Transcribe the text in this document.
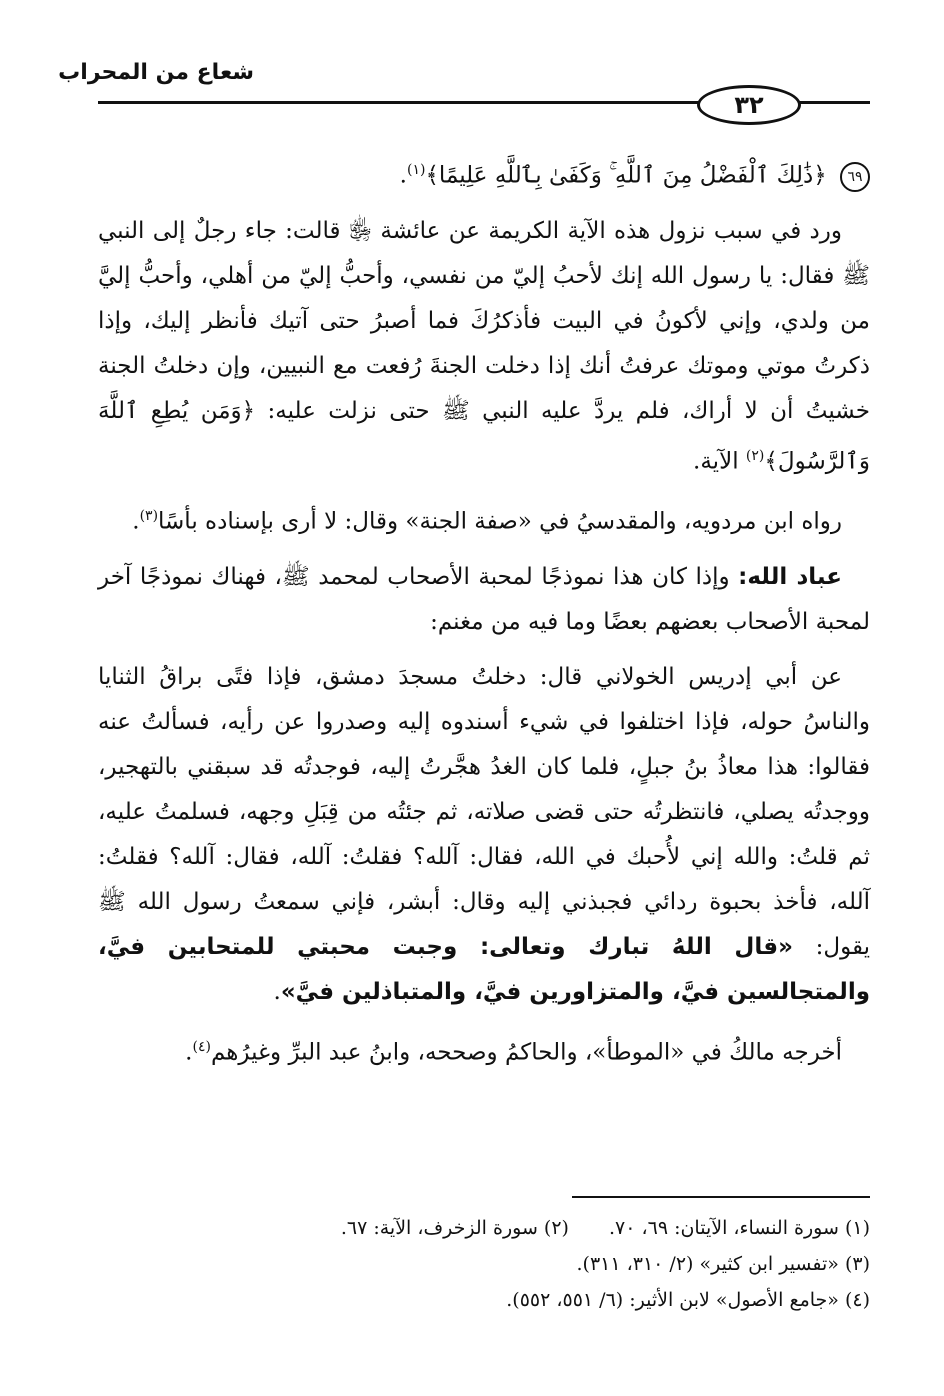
شعاع من المحراب
٣٢

٦٩ ﴿ذَٰلِكَ ٱلْفَضْلُ مِنَ ٱللَّهِ ۚ وَكَفَىٰ بِٱللَّهِ عَلِيمًا﴾$^{(١)}$.

ورد في سبب نزول هذه الآية الكريمة عن عائشة ﵂ قالت: جاء رجلٌ إلى النبي ﷺ فقال: يا رسول الله إنك لأحبُ إليّ من نفسي، وأحبُّ إليّ من أهلي، وأحبُّ إليَّ من ولدي، وإني لأكونُ في البيت فأذكرُكَ فما أصبرُ حتى آتيك فأنظر إليك، وإذا ذكرتُ موتي وموتك عرفتُ أنك إذا دخلت الجنةَ رُفعت مع النبيين، وإن دخلتُ الجنة خشيتُ أن لا أراك، فلم يردَّ عليه النبي ﷺ حتى نزلت عليه: ﴿وَمَن يُطِعِ ٱللَّهَ وَٱلرَّسُولَ﴾$^{(٢)}$ الآية.

رواه ابن مردويه، والمقدسيُ في «صفة الجنة» وقال: لا أرى بإسناده بأسًا$^{(٣)}$.

عباد الله: وإذا كان هذا نموذجًا لمحبة الأصحاب لمحمد ﷺ، فهناك نموذجًا آخر لمحبة الأصحاب بعضهم بعضًا وما فيه من مغنم:

عن أبي إدريس الخولاني قال: دخلتُ مسجدَ دمشق، فإذا فتًى براقُ الثنايا والناسُ حوله، فإذا اختلفوا في شيء أسندوه إليه وصدروا عن رأيه، فسألتُ عنه فقالوا: هذا معاذُ بنُ جبلٍ، فلما كان الغدُ هجَّرتُ إليه، فوجدتُه قد سبقني بالتهجير، ووجدتُه يصلي، فانتظرتُه حتى قضى صلاته، ثم جئتُه من قِبَلِ وجهه، فسلمتُ عليه، ثم قلتُ: والله إني لأُحبك في الله، فقال: آلله؟ فقلتُ: آلله، فقال: آلله؟ فقلتُ: آلله، فأخذ بحبوة ردائي فجبذني إليه وقال: أبشر، فإني سمعتُ رسول الله ﷺ يقول: «قال اللهُ تبارك وتعالى: وجبت محبتي للمتحابين فيَّ، والمتجالسين فيَّ، والمتزاورين فيَّ، والمتباذلين فيَّ».

أخرجه مالكُ في «الموطأ»، والحاكمُ وصححه، وابنُ عبد البرِّ وغيرُهم$^{(٤)}$.

(١) سورة النساء، الآيتان: ٦٩، ٧٠.
(٢) سورة الزخرف، الآية: ٦٧.
(٣) «تفسير ابن كثير» (٢/ ٣١٠، ٣١١).
(٤) «جامع الأصول» لابن الأثير: (٦/ ٥٥١، ٥٥٢).
